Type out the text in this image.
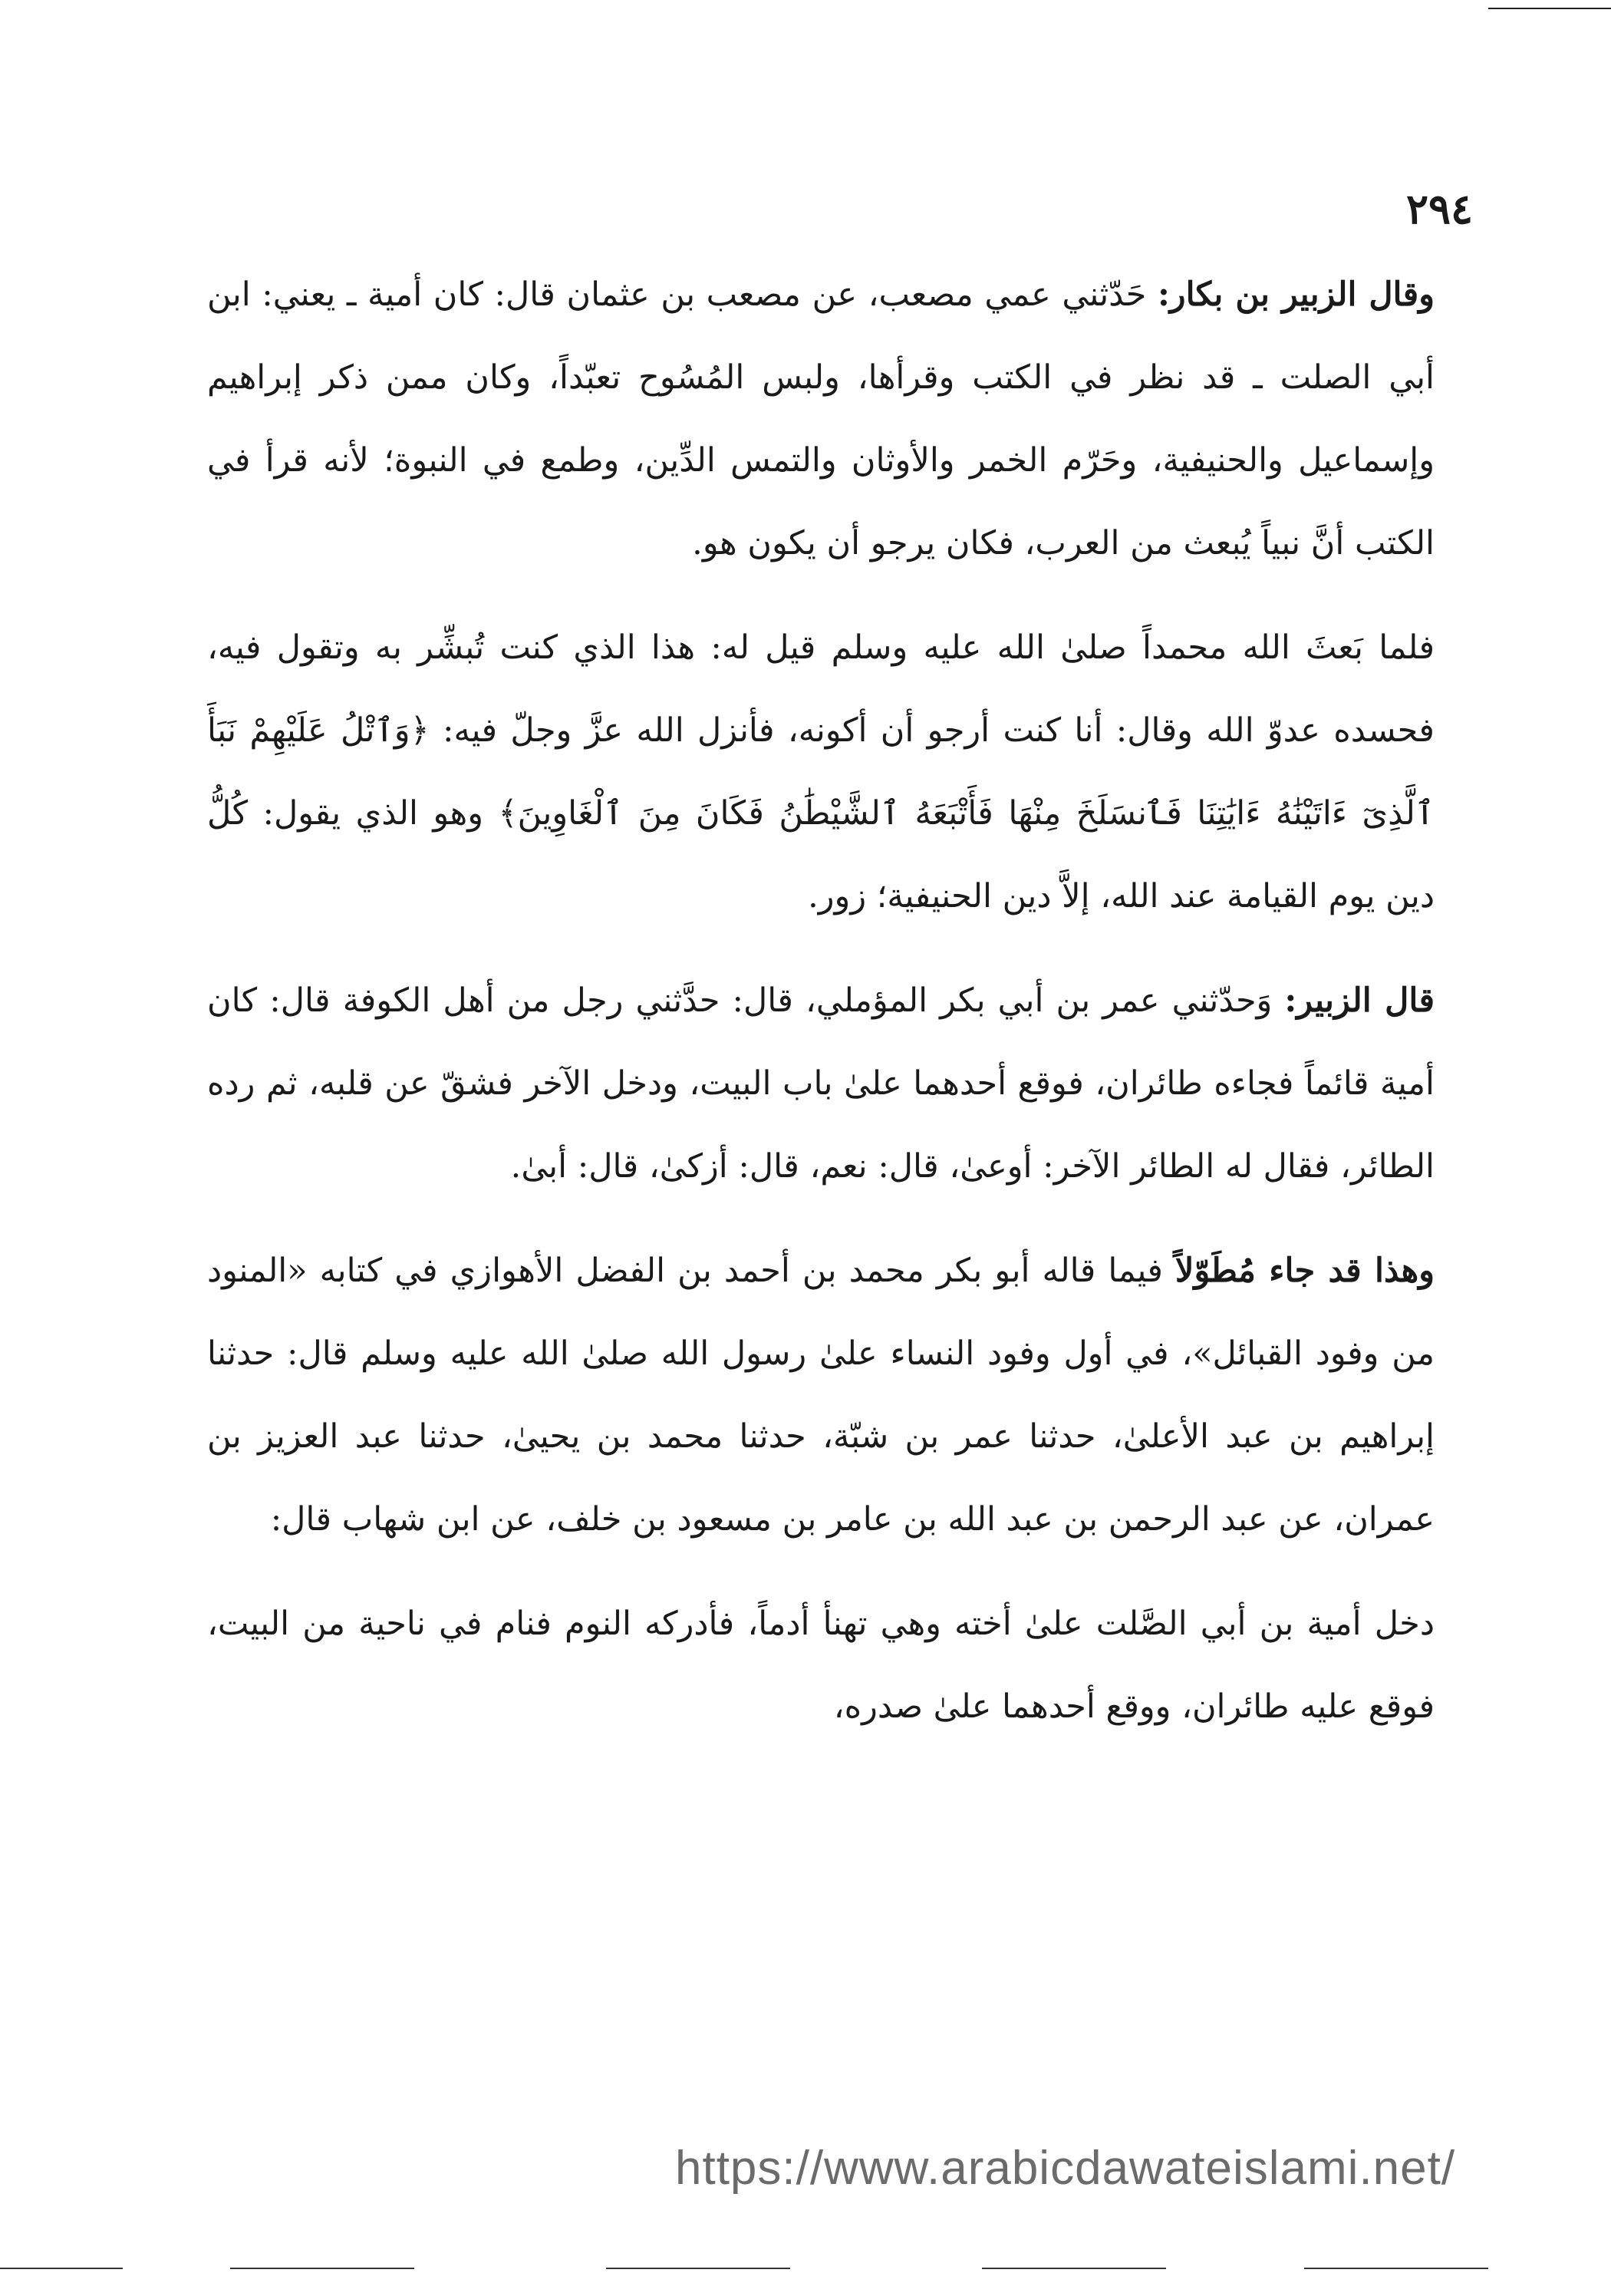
٢٩٤

وقال الزبير بن بكار: حَدّثني عمي مصعب، عن مصعب بن عثمان قال: كان أمية ـ يعني: ابن أبي الصلت ـ قد نظر في الكتب وقرأها، ولبس المُسُوح تعبّداً، وكان ممن ذكر إبراهيم وإسماعيل والحنيفية، وحَرّم الخمر والأوثان والتمس الدِّين، وطمع في النبوة؛ لأنه قرأ في الكتب أنَّ نبياً يُبعث من العرب، فكان يرجو أن يكون هو.

فلما بَعثَ الله محمداً صلىٰ الله عليه وسلم قيل له: هذا الذي كنت تُبشِّر به وتقول فيه، فحسده عدوّ الله وقال: أنا كنت أرجو أن أكونه، فأنزل الله عزَّ وجلّ فيه: ﴿وَٱتْلُ عَلَيْهِمْ نَبَأَ ٱلَّذِىٓ ءَاتَيْنَٰهُ ءَايَٰتِنَا فَٱنسَلَخَ مِنْهَا فَأَتْبَعَهُ ٱلشَّيْطَٰنُ فَكَانَ مِنَ ٱلْغَاوِينَ﴾ وهو الذي يقول: كُلُّ دين يوم القيامة عند الله، إلاَّ دين الحنيفية؛ زور.

قال الزبير: وَحدّثني عمر بن أبي بكر المؤملي، قال: حدَّثني رجل من أهل الكوفة قال: كان أمية قائماً فجاءه طائران، فوقع أحدهما علىٰ باب البيت، ودخل الآخر فشقّ عن قلبه، ثم رده الطائر، فقال له الطائر الآخر: أوعىٰ، قال: نعم، قال: أزكىٰ، قال: أبىٰ.

وهذا قد جاء مُطَوّلاً فيما قاله أبو بكر محمد بن أحمد بن الفضل الأهوازي في كتابه «المنود من وفود القبائل»، في أول وفود النساء علىٰ رسول الله صلىٰ الله عليه وسلم قال: حدثنا إبراهيم بن عبد الأعلىٰ، حدثنا عمر بن شبّة، حدثنا محمد بن يحيىٰ، حدثنا عبد العزيز بن عمران، عن عبد الرحمن بن عبد الله بن عامر بن مسعود بن خلف، عن ابن شهاب قال:

دخل أمية بن أبي الصَّلت علىٰ أخته وهي تهنأ أدماً، فأدركه النوم فنام في ناحية من البيت، فوقع عليه طائران، ووقع أحدهما علىٰ صدره،

https://www.arabicdawateislami.net/
